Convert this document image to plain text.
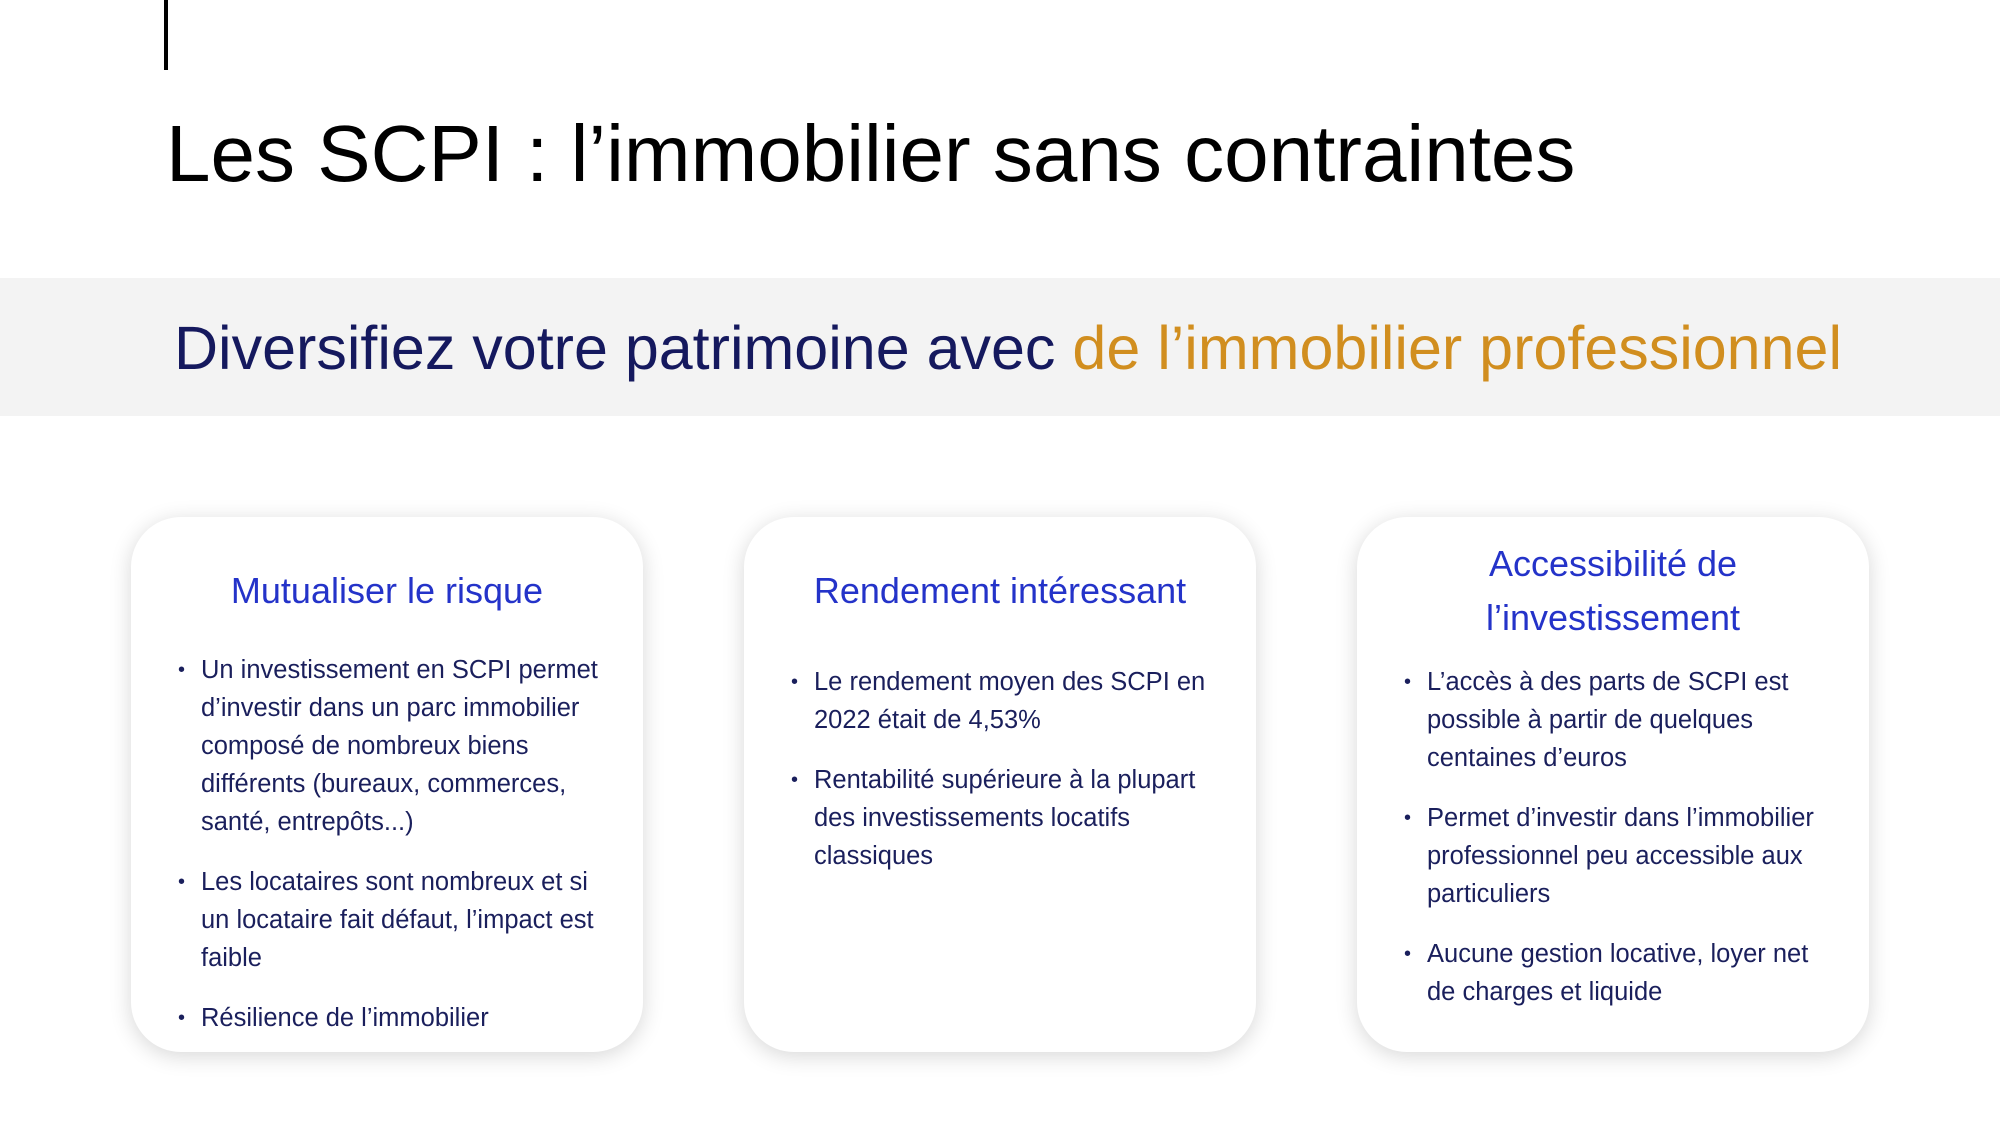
Les SCPI : l’immobilier sans contraintes
Diversifiez votre patrimoine avec de l’immobilier professionnel
Mutualiser le risque
• Un investissement en SCPI permet d’investir dans un parc immobilier composé de nombreux biens différents (bureaux, commerces, santé, entrepôts...)
• Les locataires sont nombreux et si un locataire fait défaut, l’impact est faible
• Résilience de l’immobilier
Rendement intéressant
• Le rendement moyen des SCPI en 2022 était de 4,53%
• Rentabilité supérieure à la plupart des investissements locatifs classiques
Accessibilité de l’investissement
• L’accès à des parts de SCPI est possible à partir de quelques centaines d’euros
• Permet d’investir dans l’immobilier professionnel peu accessible aux particuliers
• Aucune gestion locative, loyer net de charges et liquide
